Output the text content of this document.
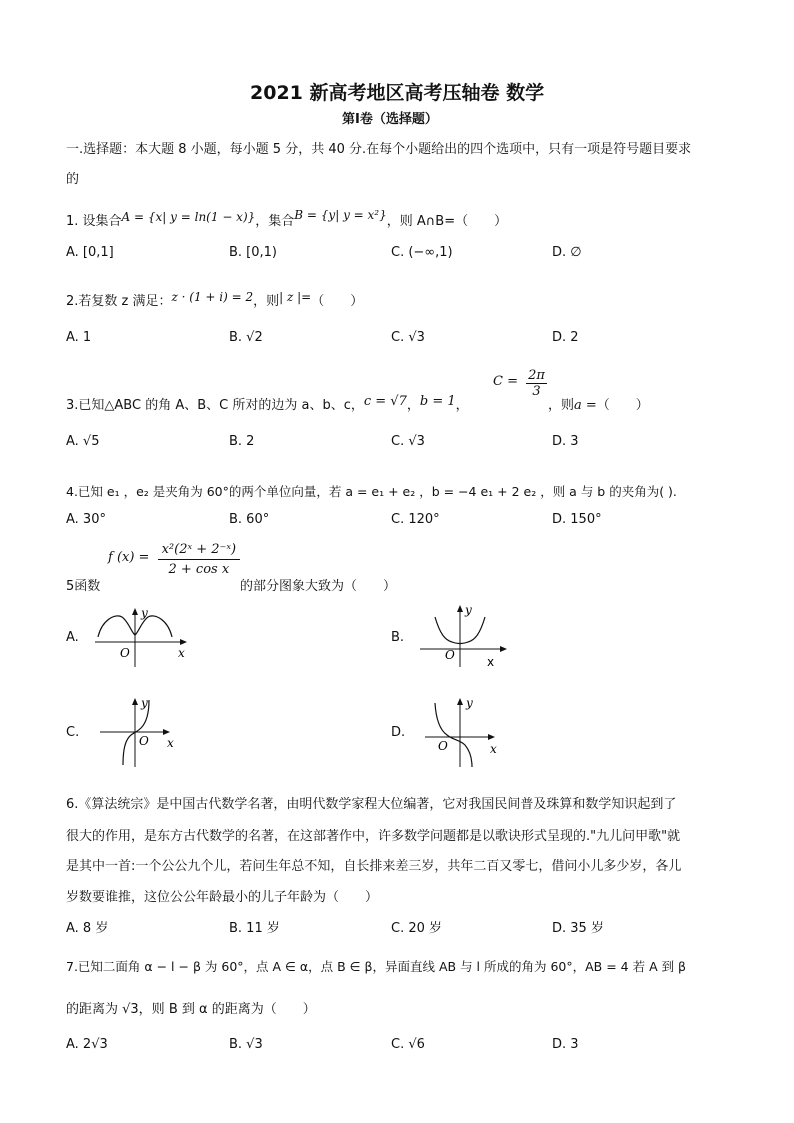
2021 新高考地区高考压轴卷 数学
第Ⅰ卷（选择题）
一.选择题：本大题 8 小题，每小题 5 分，共 40 分.在每个小题给出的四个选项中，只有一项是符号题目要求
的
1. 设集合A = {x| y = ln(1 − x)}，集合B = {y| y = x²}，则 A∩B=（　　）
A. [0,1]	B. [0,1)	C. (−∞,1)	D. ∅
2.若复数 z 满足：z · (1 + i) = 2，则| z |=（　　）
A. 1	B. √2	C. √3	D. 2
3.已知△ABC 的角 A、B、C 所对的边为 a、b、c，c = √7，b = 1，
$C = \frac{2\pi}{3}$
，则a =（　　）
A. √5	B. 2	C. √3	D. 3
4.已知 e₁ ，e₂ 是夹角为 60°的两个单位向量，若 a = e₁ + e₂ ，b = −4 e₁ + 2 e₂ ，则 a 与 b 的夹角为( ).
A. 30°	B. 60°	C. 120°	D. 150°
5函数
f $(x) = \frac{\text{x²(2ˣ + 2⁻ˣ)}}{\text{2 + cos x}}$
的部分图象大致为（　　）
A.	B.
C.	D.
y
x
O
y
x
O
y
x
O
y
x
O
6.《算法统宗》是中国古代数学名著，由明代数学家程大位编著，它对我国民间普及珠算和数学知识起到了
很大的作用，是东方古代数学的名著，在这部著作中，许多数学问题都是以歌诀形式呈现的."九儿问甲歌"就
是其中一首:一个公公九个儿，若问生年总不知，自长排来差三岁，共年二百又零七，借问小儿多少岁，各儿
岁数要谁推，这位公公年龄最小的儿子年龄为（　　）
A. 8 岁	B. 11 岁	C. 20 岁	D. 35 岁
7.已知二面角 α − l − β 为 60°，点 A ∈ α，点 B ∈ β，异面直线 AB 与 l 所成的角为 60°，AB = 4 若 A 到 β
的距离为 √3，则 B 到 α 的距离为（　　）
A. 2√3	B. √3	C. √6	D. 3
